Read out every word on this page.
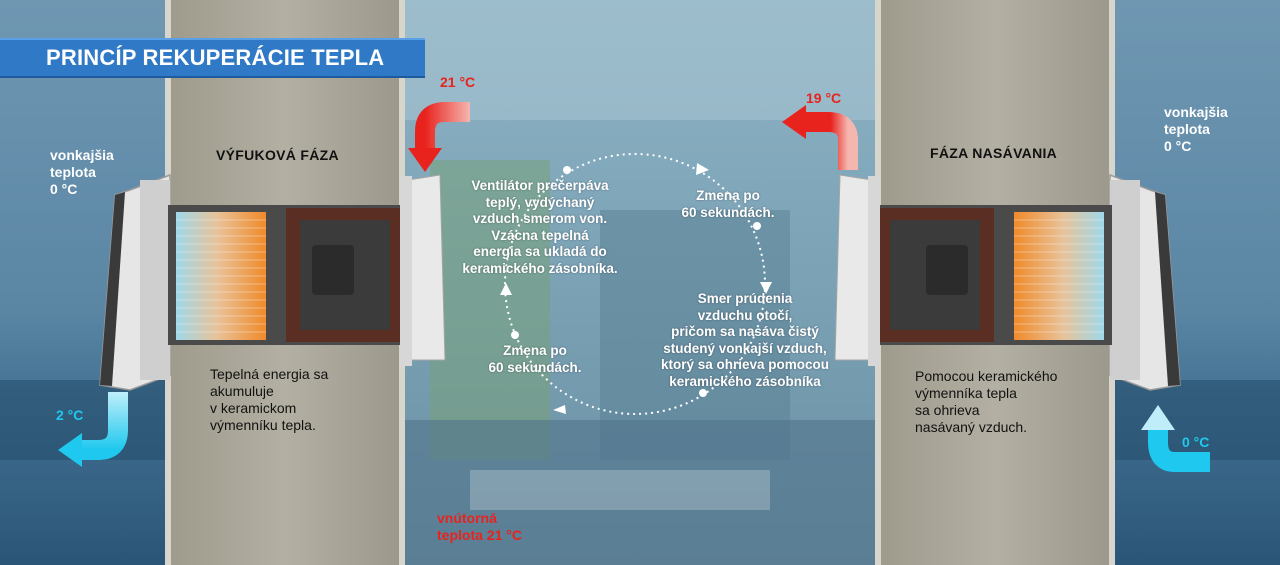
PRINCÍP REKUPERÁCIE TEPLA
VÝFUKOVÁ FÁZA
vonkajšia
teplota
0 °C
21 °C
2 °C
Tepelná energia sa
akumuluje
v keramickom
výmenníku tepla.
FÁZA NASÁVANIA
vonkajšia
teplota
0 °C
19 °C
0 °C
Pomocou keramického
výmenníka tepla
sa ohrieva
nasávaný vzduch.
Ventilátor prečerpáva
teplý, vydýchaný
vzduch smerom von.
Vzácna tepelná
energia sa ukladá do
keramického zásobníka.
Zmena po
60 sekundách.
Smer prúdenia
vzduchu otočí,
pričom sa nasáva čistý
studený vonkajší vzduch,
ktorý sa ohrieva pomocou
keramického zásobníka
Zmena po
60 sekundách.
vnútorná
teplota 21 °C
